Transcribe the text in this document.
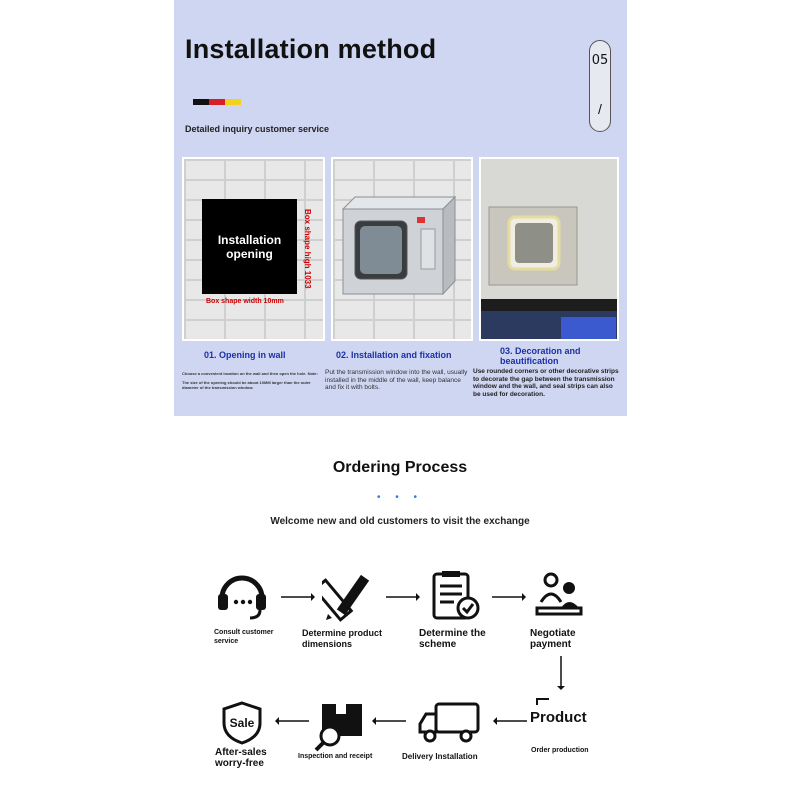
Installation method
Detailed inquiry customer service
05
/
Installation opening	Box shape high 1033
Box shape width 10mm
01. Opening in wall
Choose a convenient location on the wall and then open the hole. Note:
The size of the opening should be about 10MM larger than the outer diameter of the transmission window.
02. Installation and fixation
Put the transmission window into the wall, usually installed in the middle of the wall, keep balance and fix it with bolts.
03. Decoration and beautification
Use rounded corners or other decorative strips to decorate the gap between the transmission window and the wall, and seal strips can also be used for decoration.
Ordering Process
• • •
Welcome new and old customers to visit the exchange
Consult customer service
Determine product dimensions
Determine the scheme
Negotiate payment
Product
Order production
Delivery Installation
Inspection and receipt
Sale
After-sales worry-free
